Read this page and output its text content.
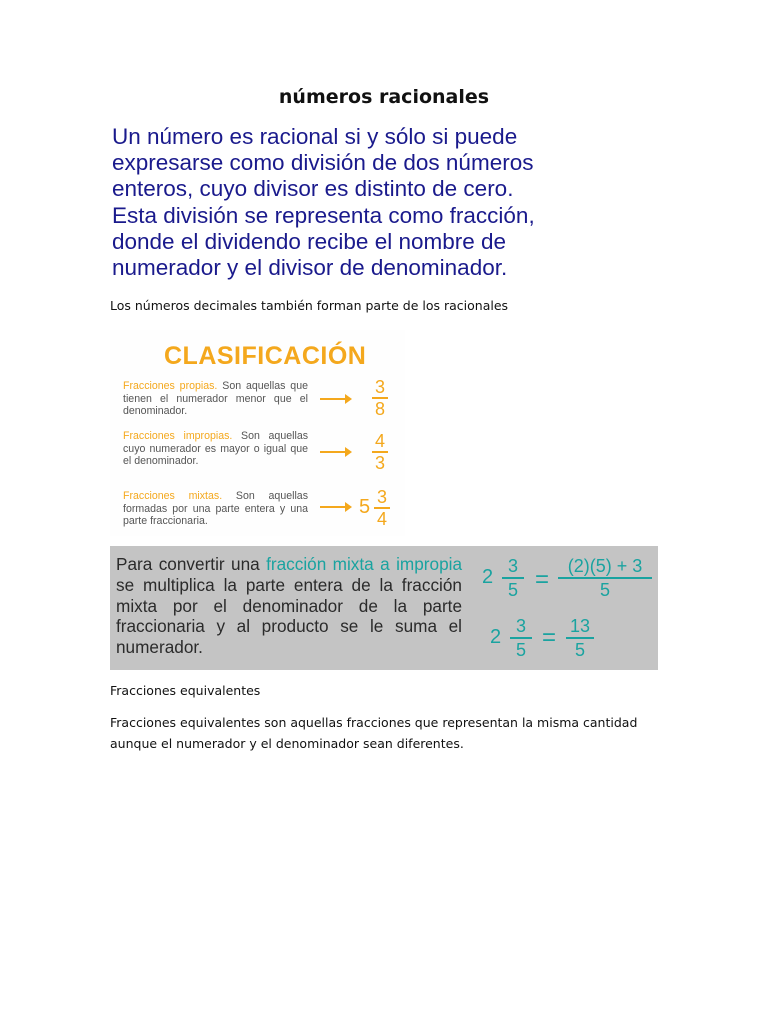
números racionales
Un número es racional si y sólo si puede
expresarse como división de dos números
enteros, cuyo divisor es distinto de cero.
Esta división se representa como fracción,
donde el dividendo recibe el nombre de
numerador y el divisor de denominador.
Los números decimales también forman parte de los racionales
CLASIFICACIÓN
Fracciones propias. Son aquellas que tienen el numerador menor que el denominador.
3
8
Fracciones impropias. Son aquellas cuyo numerador es mayor o igual que el denominador.
4
3
Fracciones mixtas. Son aquellas formadas por una parte entera y una parte fraccionaria.
5 3
4
Para convertir una fracción mixta a impropia se multiplica la parte entera de la fracción mixta por el denominador de la parte fraccionaria y al producto se le suma el numerador.
2 3
5 =	(2)(5) + 3
5
2 3
5 = 13
5
Fracciones equivalentes
Fracciones equivalentes son aquellas fracciones que representan la misma cantidad aunque el numerador y el denominador sean diferentes.
